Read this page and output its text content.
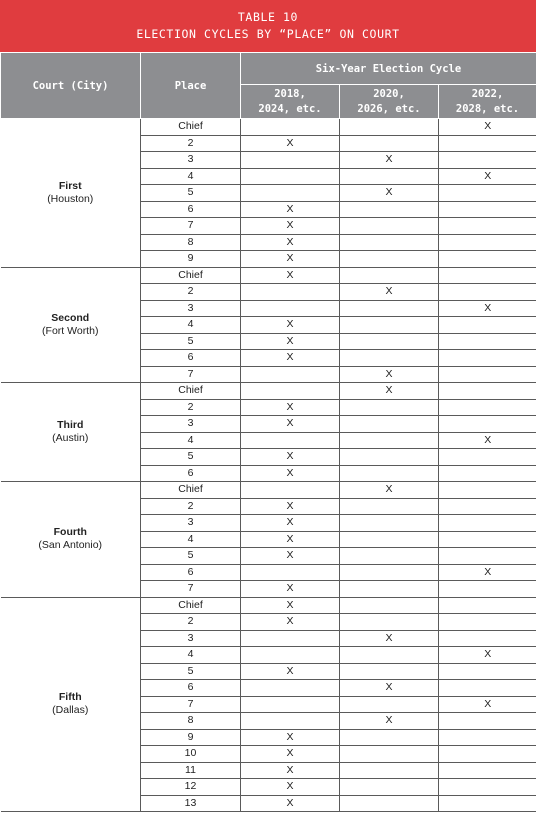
TABLE 10
ELECTION CYCLES BY “PLACE” ON COURT
Court (City)	Place	Six-Year Election Cycle		
		2018,
2024, etc.	2020,
2026, etc.	2022,
2028, etc.

First
(Houston)	Chief			X
	2	X		
	3		X	
	4			X
	5		X	
	6	X		
	7	X		
	8	X		
	9	X		

Second
(Fort Worth)	Chief	X		
	2		X	
	3			X
	4	X		
	5	X		
	6	X		
	7		X	

Third
(Austin)	Chief		X	
	2	X		
	3	X		
	4			X
	5	X		
	6	X		

Fourth
(San Antonio)	Chief		X	
	2	X		
	3	X		
	4	X		
	5	X		
	6			X
	7	X		

Fifth
(Dallas)	Chief	X		
	2	X		
	3		X	
	4			X
	5	X		
	6		X	
	7			X
	8		X	
	9	X		
	10	X		
	11	X		
	12	X		
	13	X		
